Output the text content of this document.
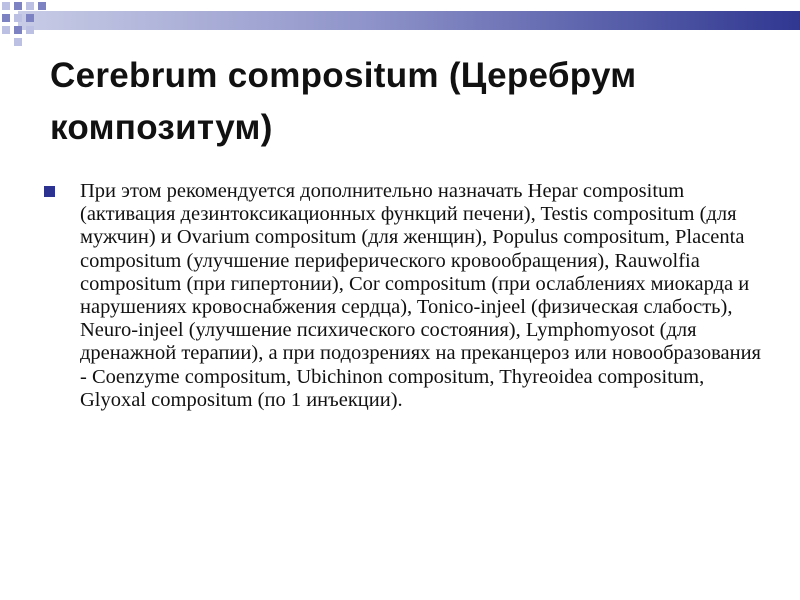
Cerebrum compositum (Церебрум композитум)

При этом рекомендуется дополнительно назначать Hepar compositum (активация дезинтоксикационных функций печени), Testis compositum (для мужчин) и Ovarium compositum (для женщин), Populus compositum, Placenta compositum (улучшение периферического кровообращения), Rauwolfia compositum (при гипертонии), Cor compositum (при ослаблениях миокарда и нарушениях кровоснабжения сердца), Tonico-injeel (физическая слабость), Neuro-injeel (улучшение психического состояния), Lymphomyosot (для дренажной терапии), а при подозрениях на преканцероз или новообразования - Coenzyme compositum, Ubichinon compositum, Thyreoidea compositum, Glyoxal compositum (по 1 инъекции).
